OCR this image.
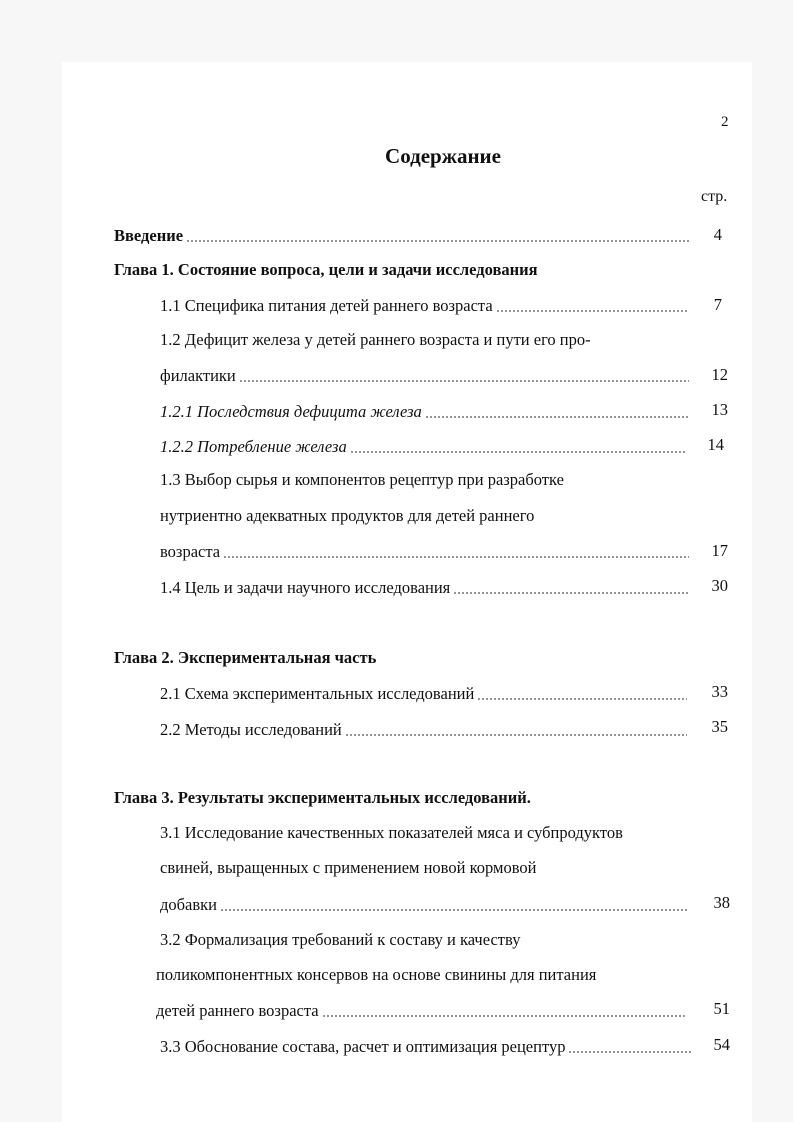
2
Содержание
стр.
Введение	4
Глава 1. Состояние вопроса, цели и задачи исследования
1.1 Специфика питания детей раннего возраста	7
1.2 Дефицит железа у детей раннего возраста и пути его про-
филактики	12
1.2.1 Последствия дефицита железа	13
1.2.2 Потребление железа	14
1.3 Выбор сырья и компонентов рецептур при разработке
нутриентно адекватных продуктов для детей раннего
возраста	17
1.4 Цель и задачи научного исследования	30
Глава 2. Экспериментальная часть
2.1 Схема экспериментальных исследований	33
2.2 Методы исследований	35
Глава 3. Результаты экспериментальных исследований.
3.1 Исследование качественных показателей мяса и субпродуктов
свиней, выращенных с применением новой кормовой
добавки	38
3.2 Формализация требований к составу и качеству
поликомпонентных консервов на основе свинины для питания
детей раннего возраста	51
3.3 Обоснование состава, расчет и оптимизация рецептур	54
